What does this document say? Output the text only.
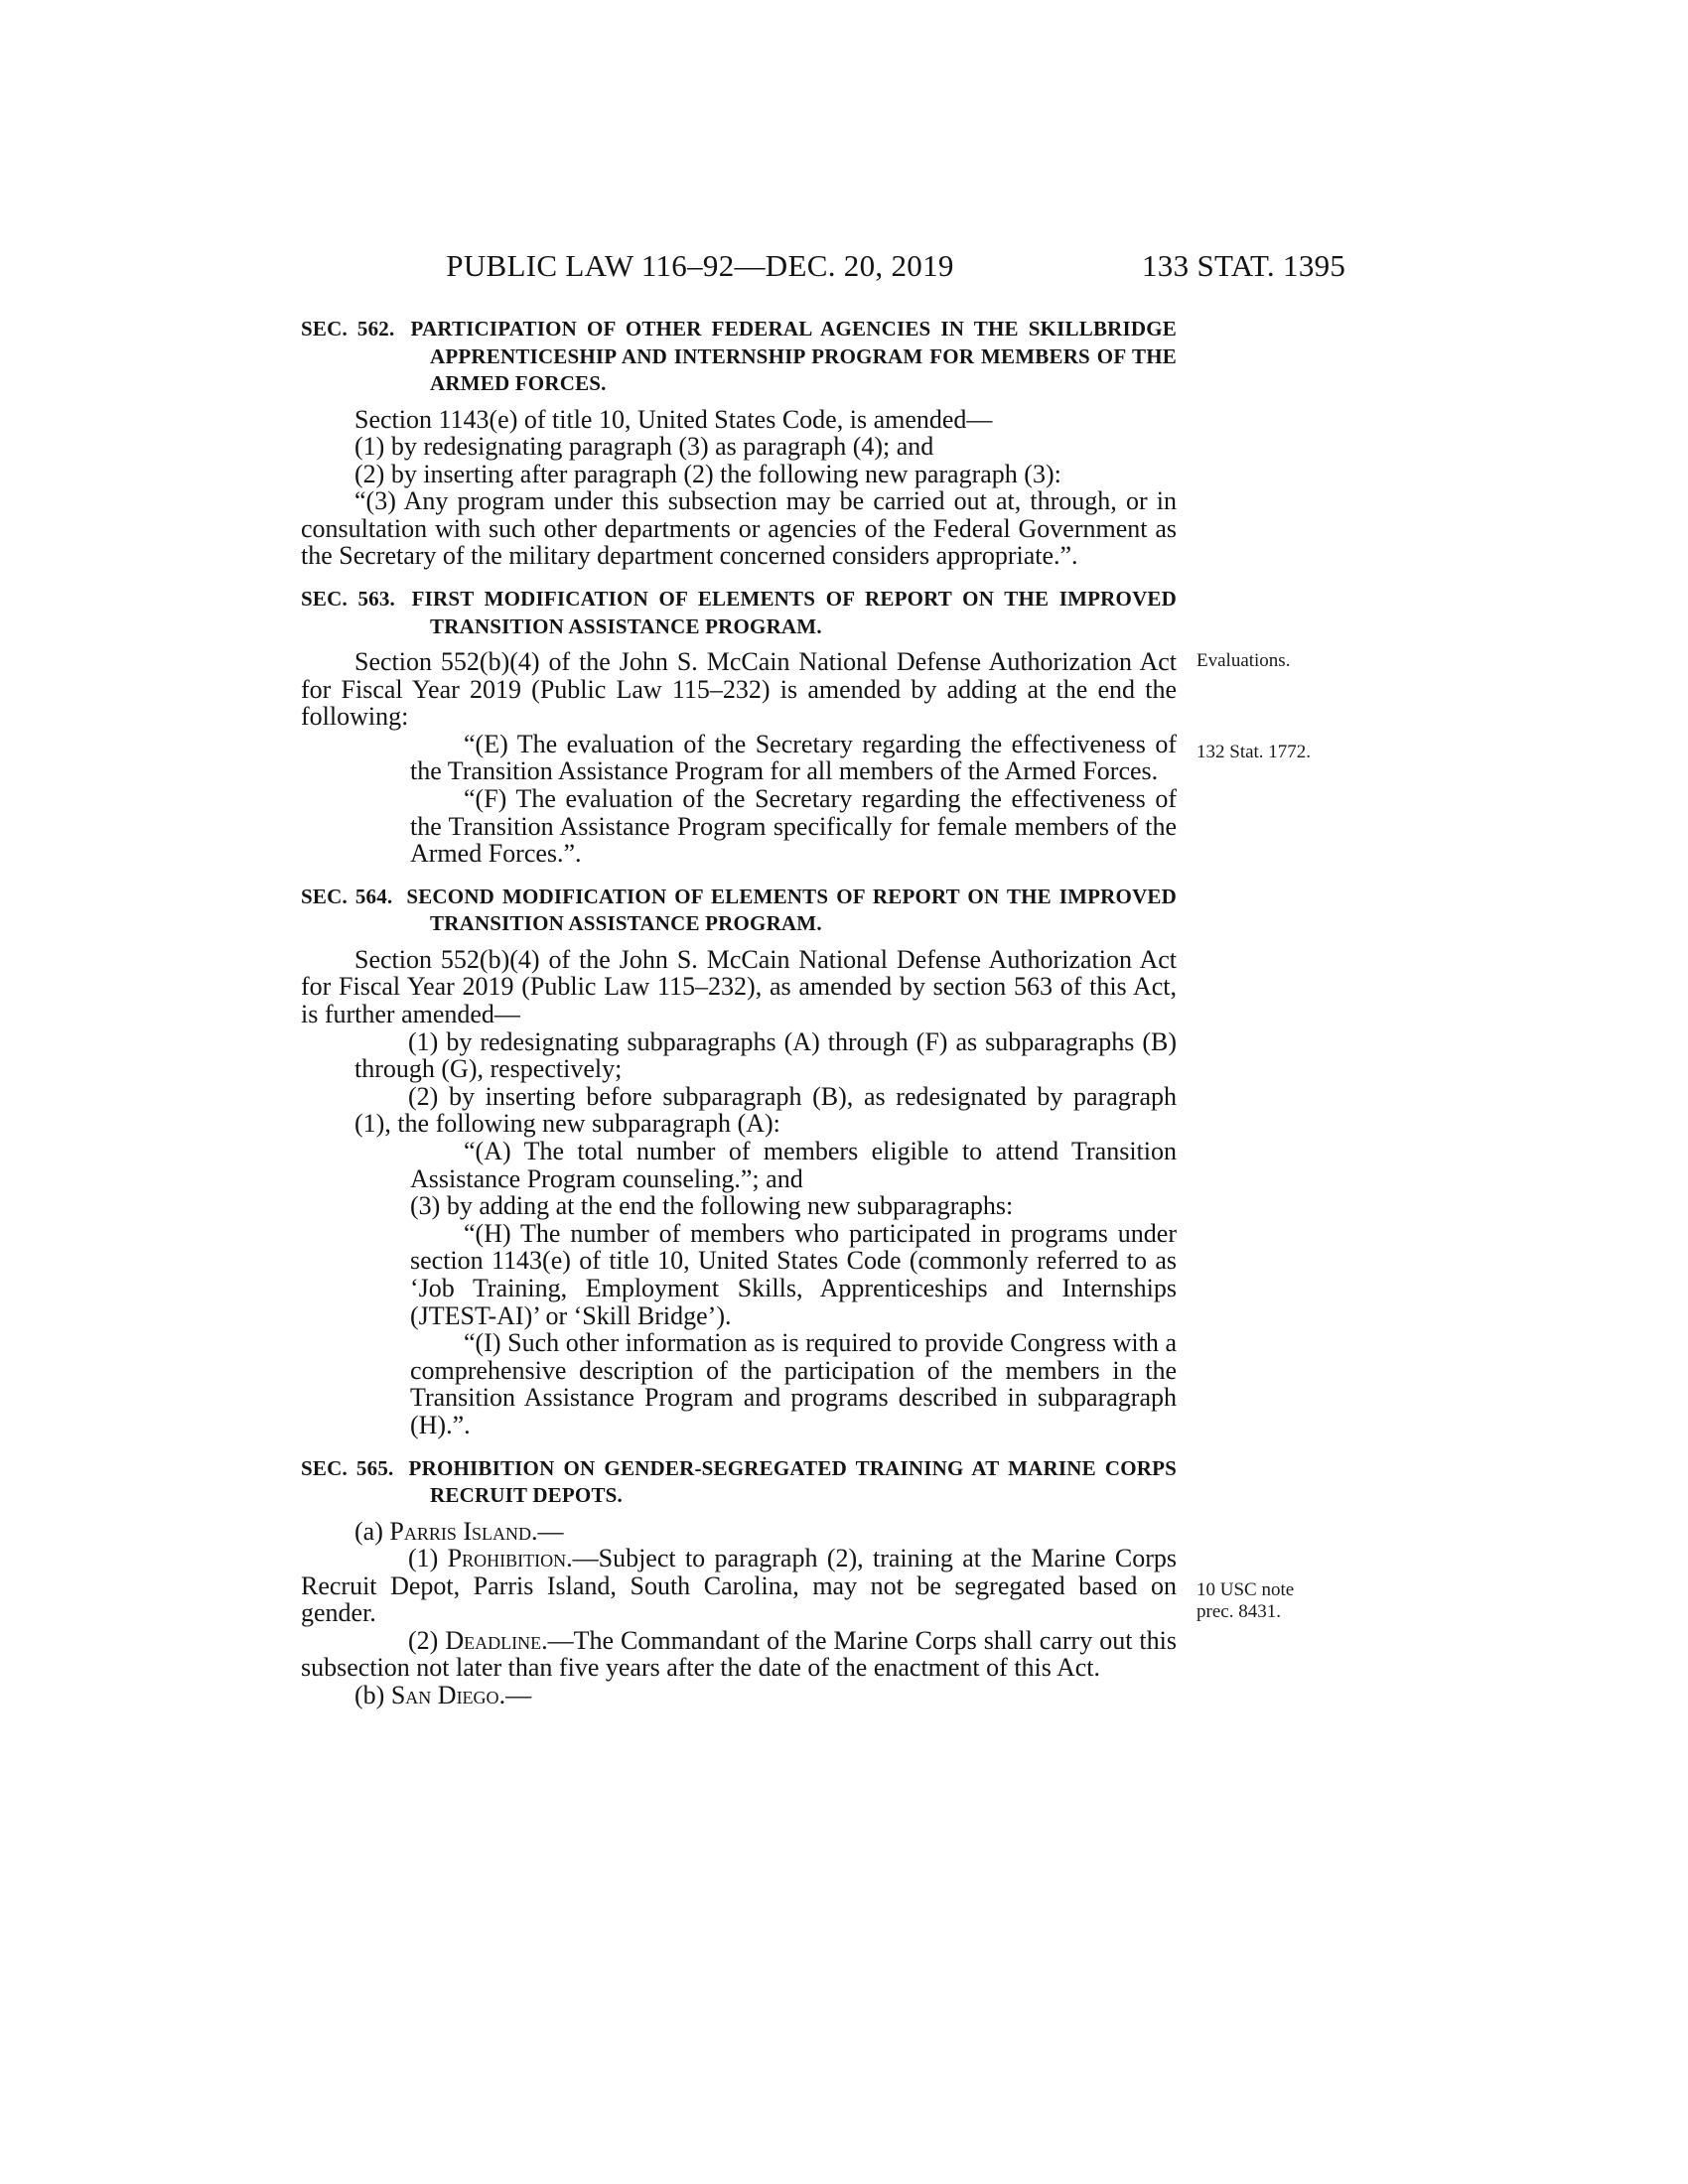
PUBLIC LAW 116–92—DEC. 20, 2019	133 STAT. 1395
SEC. 562. PARTICIPATION OF OTHER FEDERAL AGENCIES IN THE SKILLBRIDGE APPRENTICESHIP AND INTERNSHIP PROGRAM FOR MEMBERS OF THE ARMED FORCES.

Section 1143(e) of title 10, United States Code, is amended—

(1) by redesignating paragraph (3) as paragraph (4); and

(2) by inserting after paragraph (2) the following new paragraph (3):

“(3) Any program under this subsection may be carried out at, through, or in consultation with such other departments or agencies of the Federal Government as the Secretary of the military department concerned considers appropriate.”.

SEC. 563. FIRST MODIFICATION OF ELEMENTS OF REPORT ON THE IMPROVED TRANSITION ASSISTANCE PROGRAM.

Section 552(b)(4) of the John S. McCain National Defense Authorization Act for Fiscal Year 2019 (Public Law 115–232) is amended by adding at the end the following:

“(E) The evaluation of the Secretary regarding the effectiveness of the Transition Assistance Program for all members of the Armed Forces.

“(F) The evaluation of the Secretary regarding the effectiveness of the Transition Assistance Program specifically for female members of the Armed Forces.”.

SEC. 564. SECOND MODIFICATION OF ELEMENTS OF REPORT ON THE IMPROVED TRANSITION ASSISTANCE PROGRAM.

Section 552(b)(4) of the John S. McCain National Defense Authorization Act for Fiscal Year 2019 (Public Law 115–232), as amended by section 563 of this Act, is further amended—

(1) by redesignating subparagraphs (A) through (F) as subparagraphs (B) through (G), respectively;

(2) by inserting before subparagraph (B), as redesignated by paragraph (1), the following new subparagraph (A):

“(A) The total number of members eligible to attend Transition Assistance Program counseling.”; and

(3) by adding at the end the following new subparagraphs:

“(H) The number of members who participated in programs under section 1143(e) of title 10, United States Code (commonly referred to as ‘Job Training, Employment Skills, Apprenticeships and Internships (JTEST-AI)’ or ‘Skill Bridge’).

“(I) Such other information as is required to provide Congress with a comprehensive description of the participation of the members in the Transition Assistance Program and programs described in subparagraph (H).”.

SEC. 565. PROHIBITION ON GENDER-SEGREGATED TRAINING AT MARINE CORPS RECRUIT DEPOTS.

(a) Parris Island.—

(1) Prohibition.—Subject to paragraph (2), training at the Marine Corps Recruit Depot, Parris Island, South Carolina, may not be segregated based on gender.

(2) Deadline.—The Commandant of the Marine Corps shall carry out this subsection not later than five years after the date of the enactment of this Act.

(b) San Diego.—

Evaluations.
132 Stat. 1772.
10 USC note
prec. 8431.
